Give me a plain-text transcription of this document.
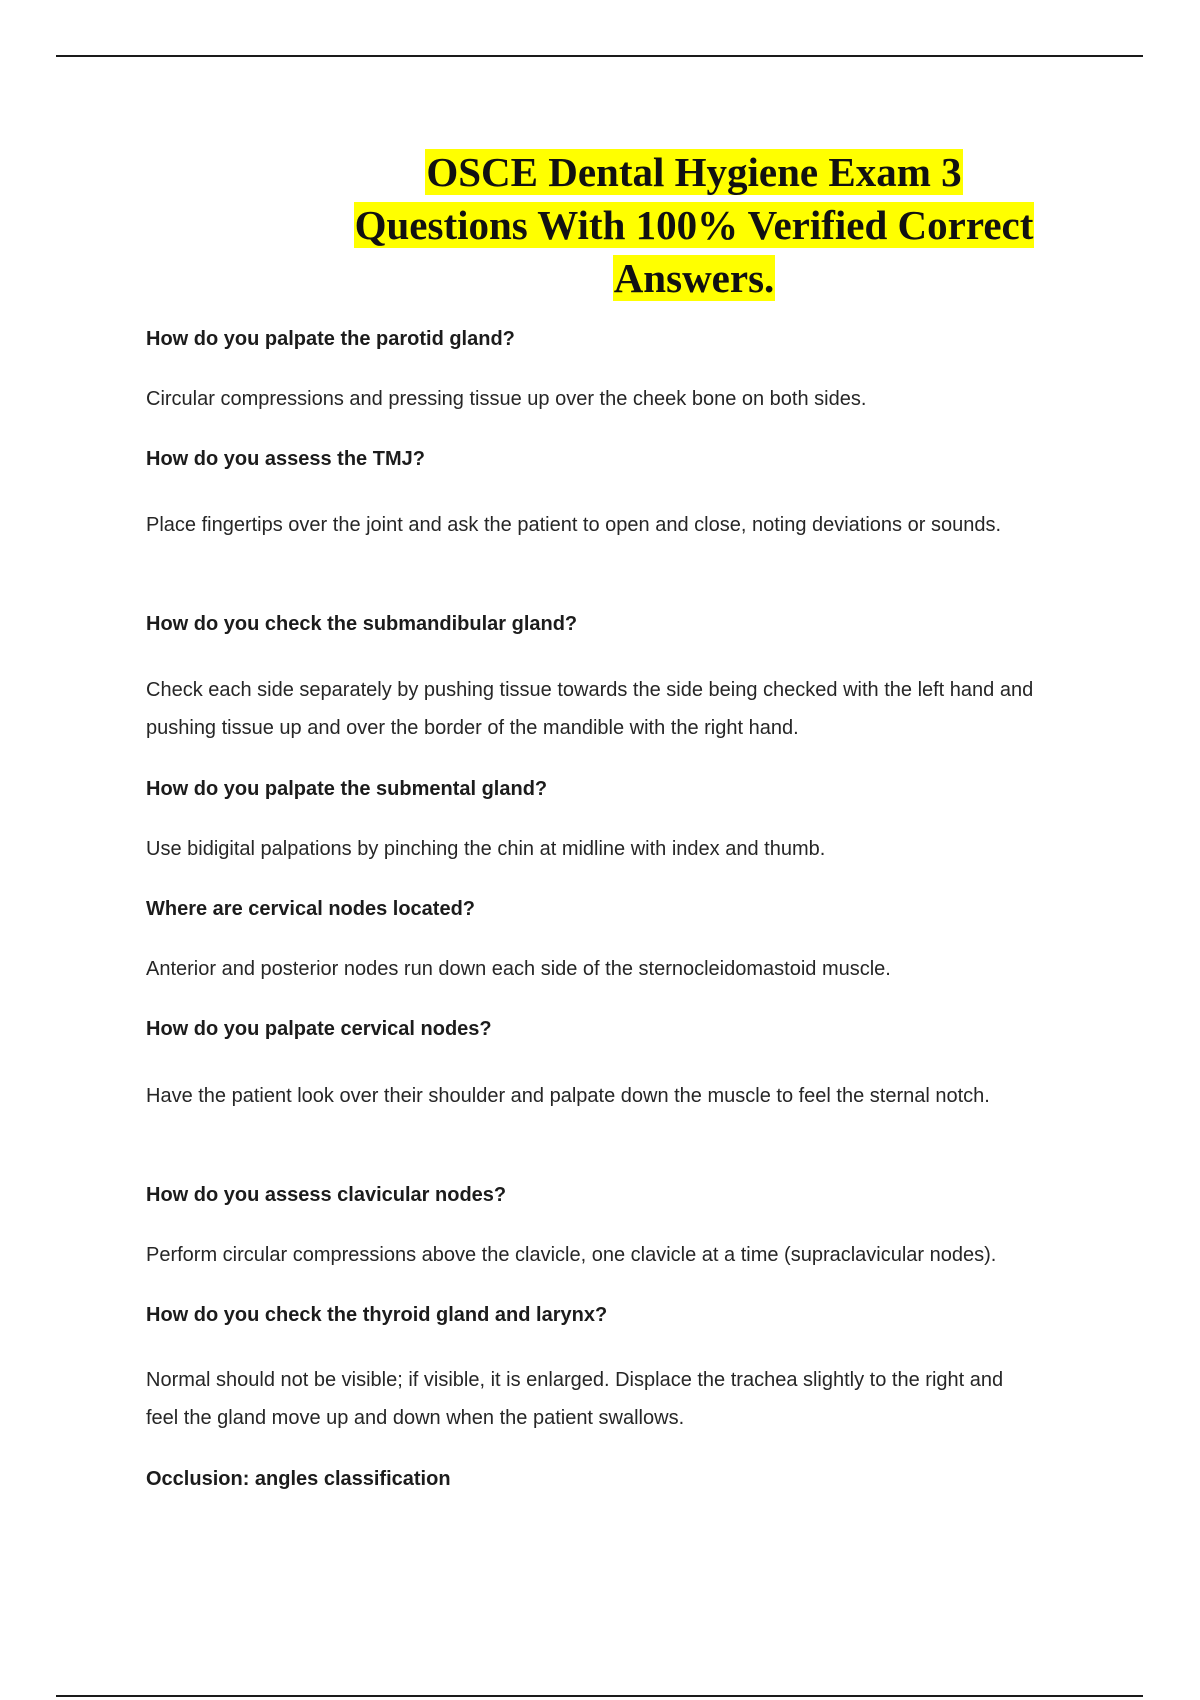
OSCE Dental Hygiene Exam 3
Questions With 100% Verified Correct
Answers.

How do you palpate the parotid gland?

Circular compressions and pressing tissue up over the cheek bone on both sides.

How do you assess the TMJ?

Place fingertips over the joint and ask the patient to open and close, noting deviations or sounds.

How do you check the submandibular gland?

Check each side separately by pushing tissue towards the side being checked with the left hand and pushing tissue up and over the border of the mandible with the right hand.

How do you palpate the submental gland?

Use bidigital palpations by pinching the chin at midline with index and thumb.

Where are cervical nodes located?

Anterior and posterior nodes run down each side of the sternocleidomastoid muscle.

How do you palpate cervical nodes?

Have the patient look over their shoulder and palpate down the muscle to feel the sternal notch.

How do you assess clavicular nodes?

Perform circular compressions above the clavicle, one clavicle at a time (supraclavicular nodes).

How do you check the thyroid gland and larynx?

Normal should not be visible; if visible, it is enlarged. Displace the trachea slightly to the right and feel the gland move up and down when the patient swallows.

Occlusion: angles classification
